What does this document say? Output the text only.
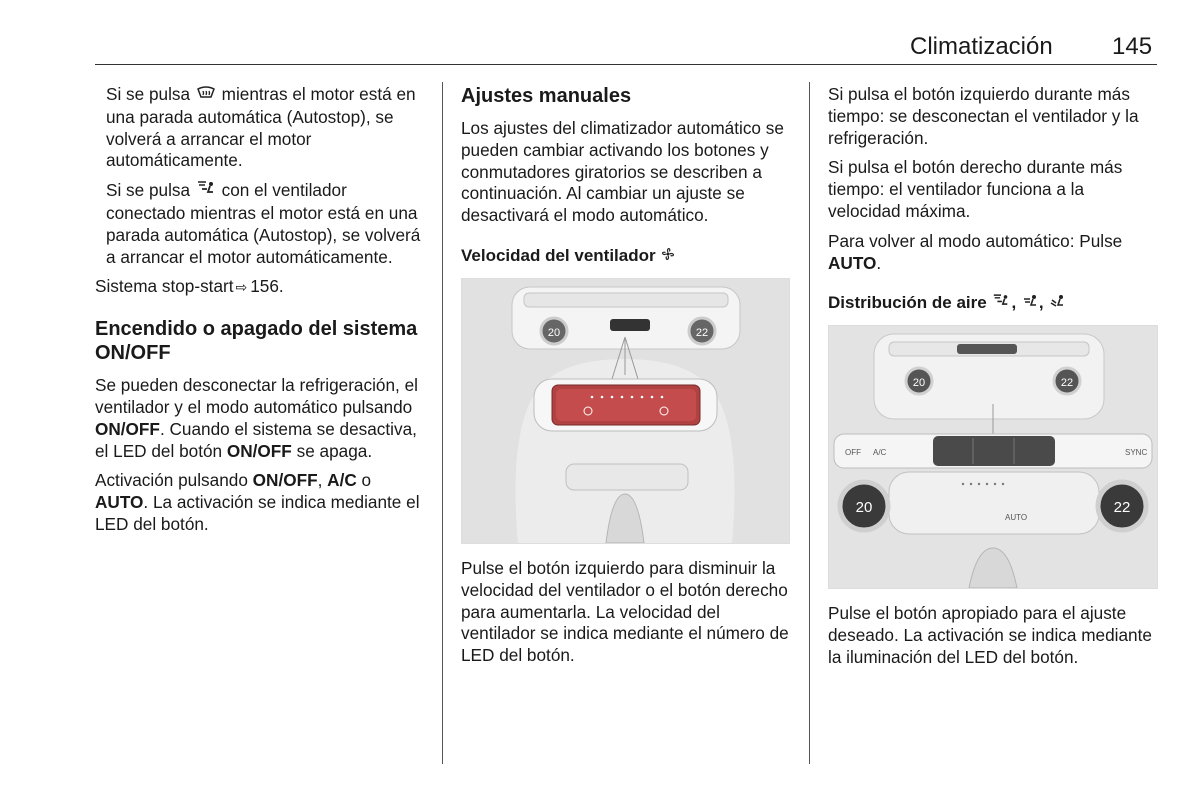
Climatización 145

Si se pulsa mientras el motor está en una parada automática (Autostop), se volverá a arrancar el motor automáticamente.

Si se pulsa con el ventilador conectado mientras el motor está en una parada automática (Autostop), se volverá a arrancar el motor automáticamente.

Sistema stop-start ⇨ 156.

Encendido o apagado del sistema ON/OFF

Se pueden desconectar la refrigeración, el ventilador y el modo automático pulsando ON/OFF. Cuando el sistema se desactiva, el LED del botón ON/OFF se apaga.

Activación pulsando ON/OFF, A/C o AUTO. La activación se indica mediante el LED del botón.

Ajustes manuales

Los ajustes del climatizador automático se pueden cambiar activando los botones y conmutadores giratorios se describen a continuación. Al cambiar un ajuste se desactivará el modo automático.

Velocidad del ventilador
20	22

Pulse el botón izquierdo para disminuir la velocidad del ventilador o el botón derecho para aumentarla. La velocidad del ventilador se indica mediante el número de LED del botón.

Si pulsa el botón izquierdo durante más tiempo: se desconectan el ventilador y la refrigeración.

Si pulsa el botón derecho durante más tiempo: el ventilador funciona a la velocidad máxima.

Para volver al modo automático: Pulse AUTO.

Distribución de aire , ,
20	22
OFF A/C	SYNC
AUTO
20	22

Pulse el botón apropiado para el ajuste deseado. La activación se indica mediante la iluminación del LED del botón.
